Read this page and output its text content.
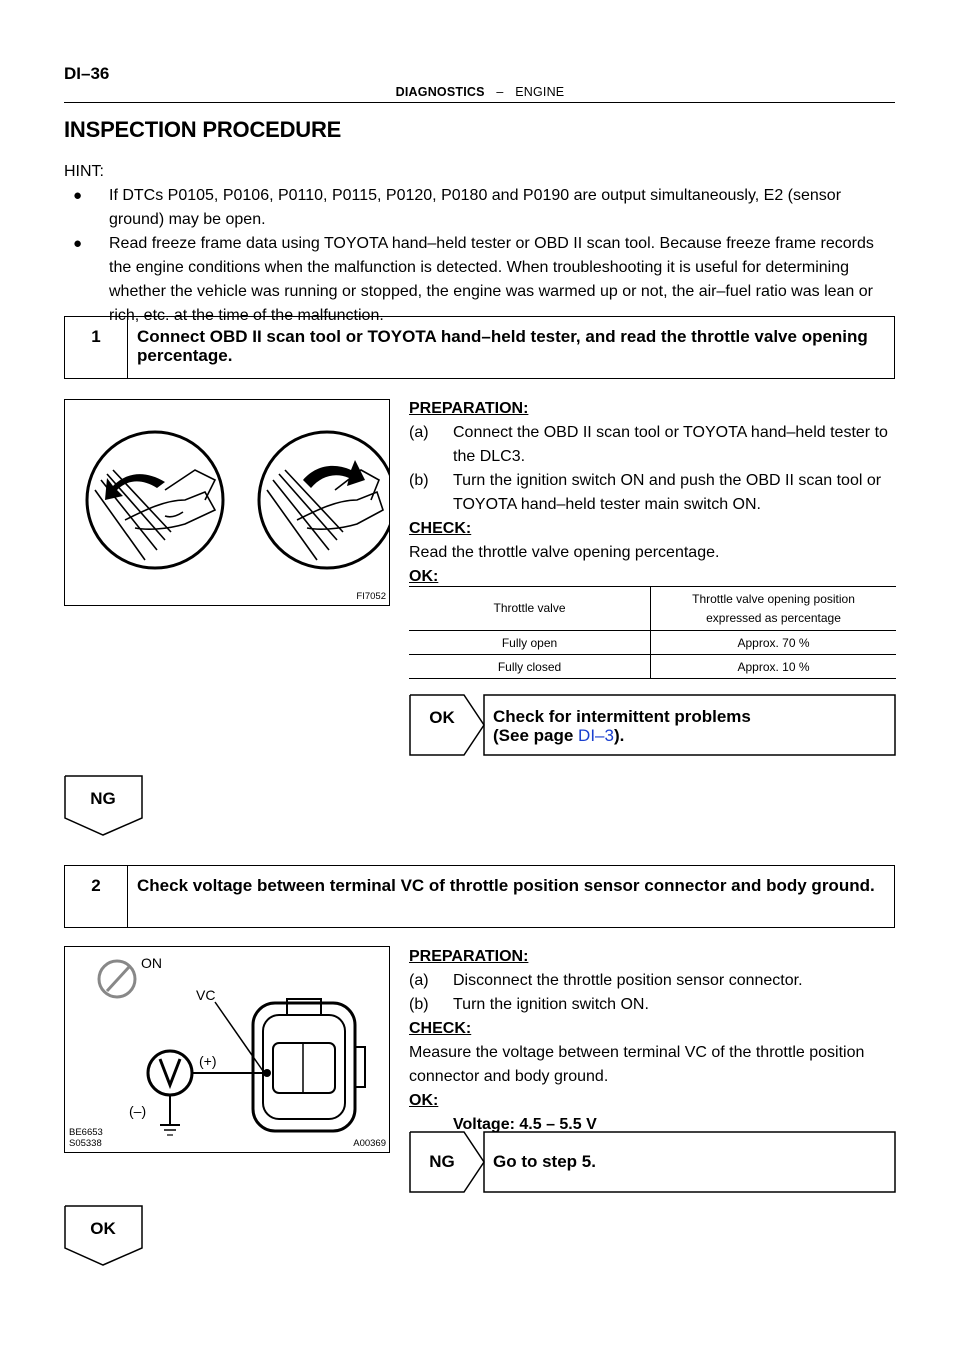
DI–36
DIAGNOSTICS – ENGINE
INSPECTION PROCEDURE
HINT:
● If DTCs P0105, P0106, P0110, P0115, P0120, P0180 and P0190 are output simultaneously, E2 (sensor ground) may be open.
● Read freeze frame data using TOYOTA hand–held tester or OBD II scan tool. Because freeze frame records the engine conditions when the malfunction is detected. When troubleshooting it is useful for determining whether the vehicle was running or stopped, the engine was warmed up or not, the air–fuel ratio was lean or rich, etc. at the time of the malfunction.
1	Connect OBD II scan tool or TOYOTA hand–held tester, and read the throttle valve opening percentage.
FI7052
PREPARATION:
(a) Connect the OBD II scan tool or TOYOTA hand–held tester to the DLC3.
(b) Turn the ignition switch ON and push the OBD II scan tool or TOYOTA hand–held tester main switch ON.
CHECK:
Read the throttle valve opening percentage.
OK:
Throttle valve	Throttle valve opening position expressed as percentage

Fully open	Approx. 70 %
Fully closed	Approx. 10 %
OK	Check for intermittent problems
(See page DI–3).
NG
2	Check voltage between terminal VC of throttle position sensor connector and body ground.
ON
VC
(+)
(–)
BE6653
S05338	A00369
PREPARATION:
(a) Disconnect the throttle position sensor connector.
(b) Turn the ignition switch ON.
CHECK:
Measure the voltage between terminal VC of the throttle position connector and body ground.
OK:
Voltage: 4.5 – 5.5 V
NG	Go to step 5.
OK
